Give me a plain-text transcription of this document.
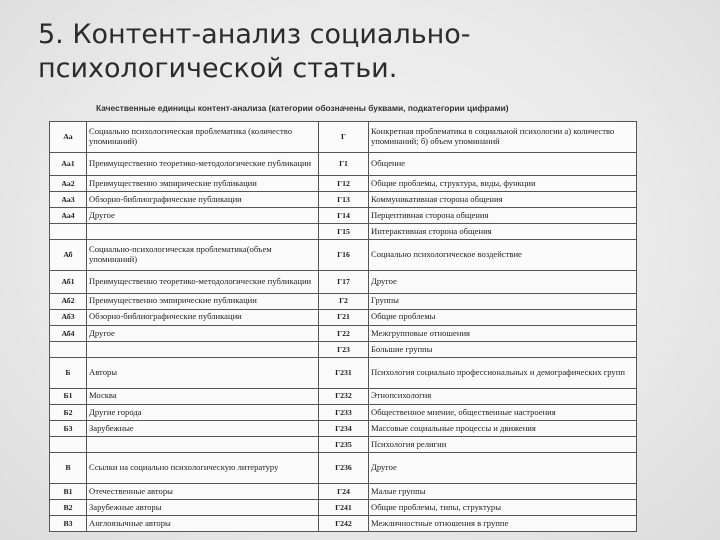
5. Контент-анализ социально-
психологической статьи.
Качественные единицы контент-анализа (категории обозначены буквами, подкатегории цифрами)
Аа	Социально психологическая проблематика (количество упоминаний)	Г	Конкретная проблематика в социальной психологии а) количество упоминаний; б) объем упоминаний
Аа1	Преимущественно теоретико-методологические публикации	Г1	Общение
Аа2	Преимущественно эмпирические публикации	Г12	Общие проблемы, структура, виды, функции
Аа3	Обзорно-библиографические публикации	Г13	Коммуникативная сторона общения
Аа4	Другое	Г14	Перцептивная сторона общения
		Г15	Интерактивная сторона общения
Аб	Социально-психологическая проблематика(объем упоминаний)	Г16	Социально психологическое воздействие
Аб1	Преимущественно теоретико-методологические публикации	Г17	Другое
Аб2	Преимущественно эмпирические публикации	Г2	Группы
Аб3	Обзорно-библиографические публикации	Г21	Общие проблемы
Аб4	Другое	Г22	Межгрупповые отношения
		Г23	Большие группы
Б	Авторы	Г231	Психология социально профессиональных и демографических групп
Б1	Москва	Г232	Этнопсихология
Б2	Другие города	Г233	Общественное мнение, общественные настроения
Б3	Зарубежные	Г234	Массовые социальные процессы и движения
		Г235	Психология религии
В	Ссылки на социально психологическую литературу	Г236	Другое
В1	Отечественные авторы	Г24	Малые группы
В2	Зарубежные авторы	Г241	Общие проблемы, типы, структуры
В3	Англоязычные авторы	Г242	Межличностные отношения в группе
